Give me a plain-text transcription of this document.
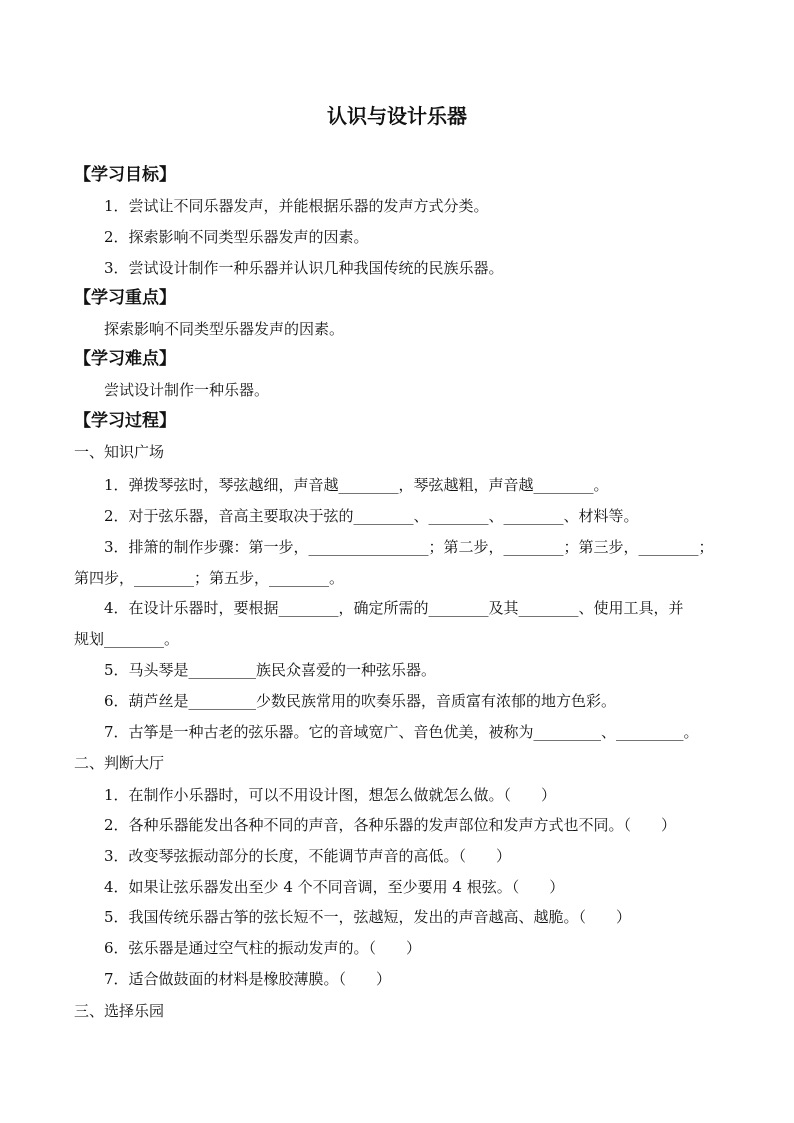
认识与设计乐器
【学习目标】
1．尝试让不同乐器发声，并能根据乐器的发声方式分类。
2．探索影响不同类型乐器发声的因素。
3．尝试设计制作一种乐器并认识几种我国传统的民族乐器。
【学习重点】
探索影响不同类型乐器发声的因素。
【学习难点】
尝试设计制作一种乐器。
【学习过程】
一、知识广场
1．弹拨琴弦时，琴弦越细，声音越________，琴弦越粗，声音越________。
2．对于弦乐器，音高主要取决于弦的________、________、________、材料等。
3．排箫的制作步骤：第一步，________________；第二步，________；第三步，________；
第四步，________；第五步，________。
4．在设计乐器时，要根据________，确定所需的________及其________、使用工具，并
规划________。
5．马头琴是_________族民众喜爱的一种弦乐器。
6．葫芦丝是_________少数民族常用的吹奏乐器，音质富有浓郁的地方色彩。
7．古筝是一种古老的弦乐器。它的音域宽广、音色优美，被称为_________、_________。
二、判断大厅
1．在制作小乐器时，可以不用设计图，想怎么做就怎么做。（　　）
2．各种乐器能发出各种不同的声音，各种乐器的发声部位和发声方式也不同。（　　）
3．改变琴弦振动部分的长度，不能调节声音的高低。（　　）
4．如果让弦乐器发出至少 4 个不同音调，至少要用 4 根弦。（　　）
5．我国传统乐器古筝的弦长短不一，弦越短，发出的声音越高、越脆。（　　）
6．弦乐器是通过空气柱的振动发声的。（　　）
7．适合做鼓面的材料是橡胶薄膜。（　　）
三、选择乐园
